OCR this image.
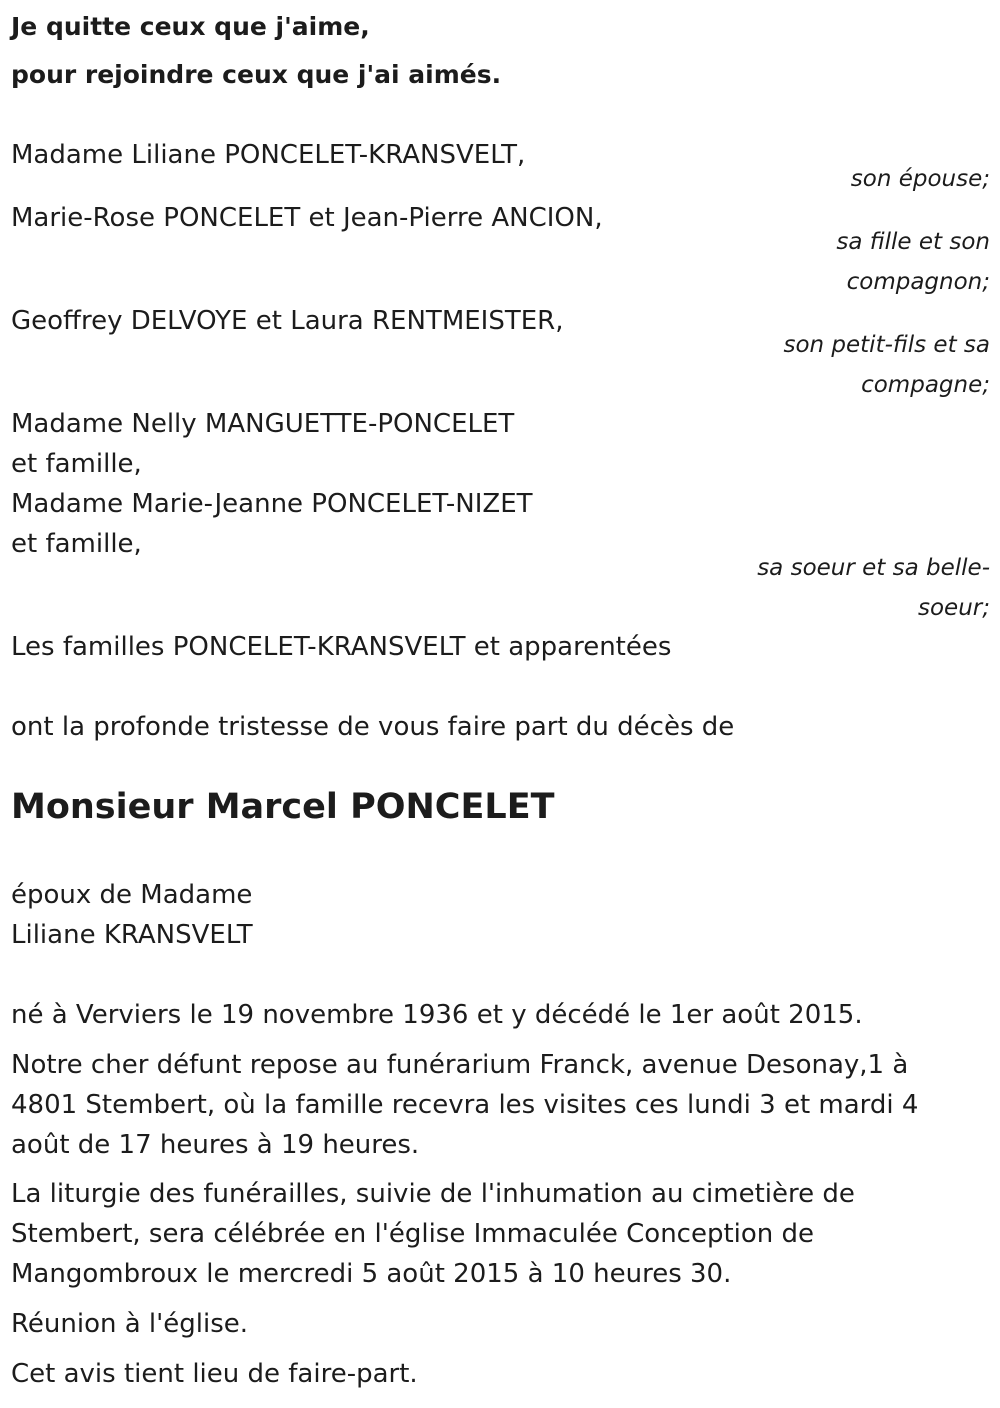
Je quitte ceux que j'aime,
pour rejoindre ceux que j'ai aimés.
Madame Liliane PONCELET-KRANSVELT,
son épouse;
Marie-Rose PONCELET et Jean-Pierre ANCION,
sa fille et son
compagnon;
Geoffrey DELVOYE et Laura RENTMEISTER,
son petit-fils et sa
compagne;
Madame Nelly MANGUETTE-PONCELET
et famille,
Madame Marie-Jeanne PONCELET-NIZET
et famille,
sa soeur et sa belle-
soeur;
Les familles PONCELET-KRANSVELT et apparentées
ont la profonde tristesse de vous faire part du décès de
Monsieur Marcel PONCELET
époux de Madame
Liliane KRANSVELT
né à Verviers le 19 novembre 1936 et y décédé le 1er août 2015.
Notre cher défunt repose au funérarium Franck, avenue Desonay,1 à
4801 Stembert, où la famille recevra les visites ces lundi 3 et mardi 4
août de 17 heures à 19 heures.
La liturgie des funérailles, suivie de l'inhumation au cimetière de
Stembert, sera célébrée en l'église Immaculée Conception de
Mangombroux le mercredi 5 août 2015 à 10 heures 30.
Réunion à l'église.
Cet avis tient lieu de faire-part.
